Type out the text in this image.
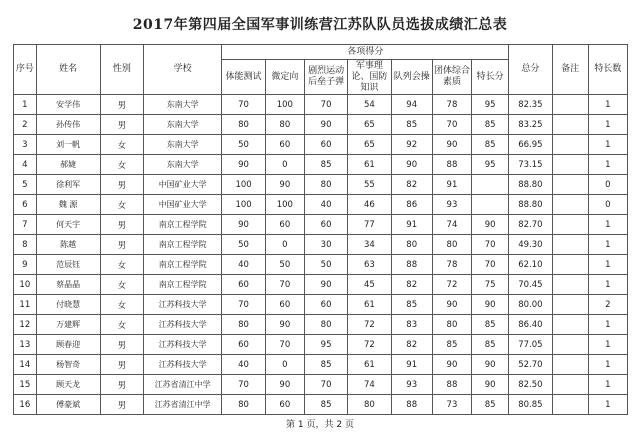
2017年第四届全国军事训练营江苏队队员选拔成绩汇总表
序号	姓名	性别	学校	各项得分							总分	备注	特长数
				体能测试	微定向	剧烈运动后垒子弹	军事理论、国防知识	队列会操	团体综合素质	特长分			
1	安学伟	男	东南大学	70	100	70	54	94	78	95	82.35		1
2	孙传伟	男	东南大学	80	80	90	65	85	70	85	83.25		1
3	刘一帆	女	东南大学	50	60	60	65	92	90	85	66.95		1
4	郝婕	女	东南大学	90	0	85	61	90	88	95	73.15		1
5	徐利军	男	中国矿业大学	100	90	80	55	82	91		88.80		0
6	魏 源	女	中国矿业大学	100	100	40	46	86	93		88.80		0
7	何天宇	男	南京工程学院	90	60	60	77	91	74	90	82.70		1
8	陈越	男	南京工程学院	50	0	30	34	80	80	70	49.30		1
9	范辰钰	女	南京工程学院	40	50	50	63	88	78	70	62.10		1
10	蔡晶晶	女	南京工程学院	60	70	90	45	82	72	75	70.45		1
11	付晓慧	女	江苏科技大学	70	60	60	61	85	90	90	80.00		2
12	万建辉	女	江苏科技大学	80	90	80	72	83	80	85	86.40		1
13	顾春迎	男	江苏科技大学	60	70	95	72	82	85	85	77.05		1
14	杨智奇	男	江苏科技大学	40	0	85	61	91	90	90	52.70		1
15	顾天龙	男	江苏省清江中学	70	90	70	74	93	88	90	82.50		1
16	傅豪斌	男	江苏省清江中学	80	60	85	80	88	73	85	80.85		1
第 1 页，共 2 页
